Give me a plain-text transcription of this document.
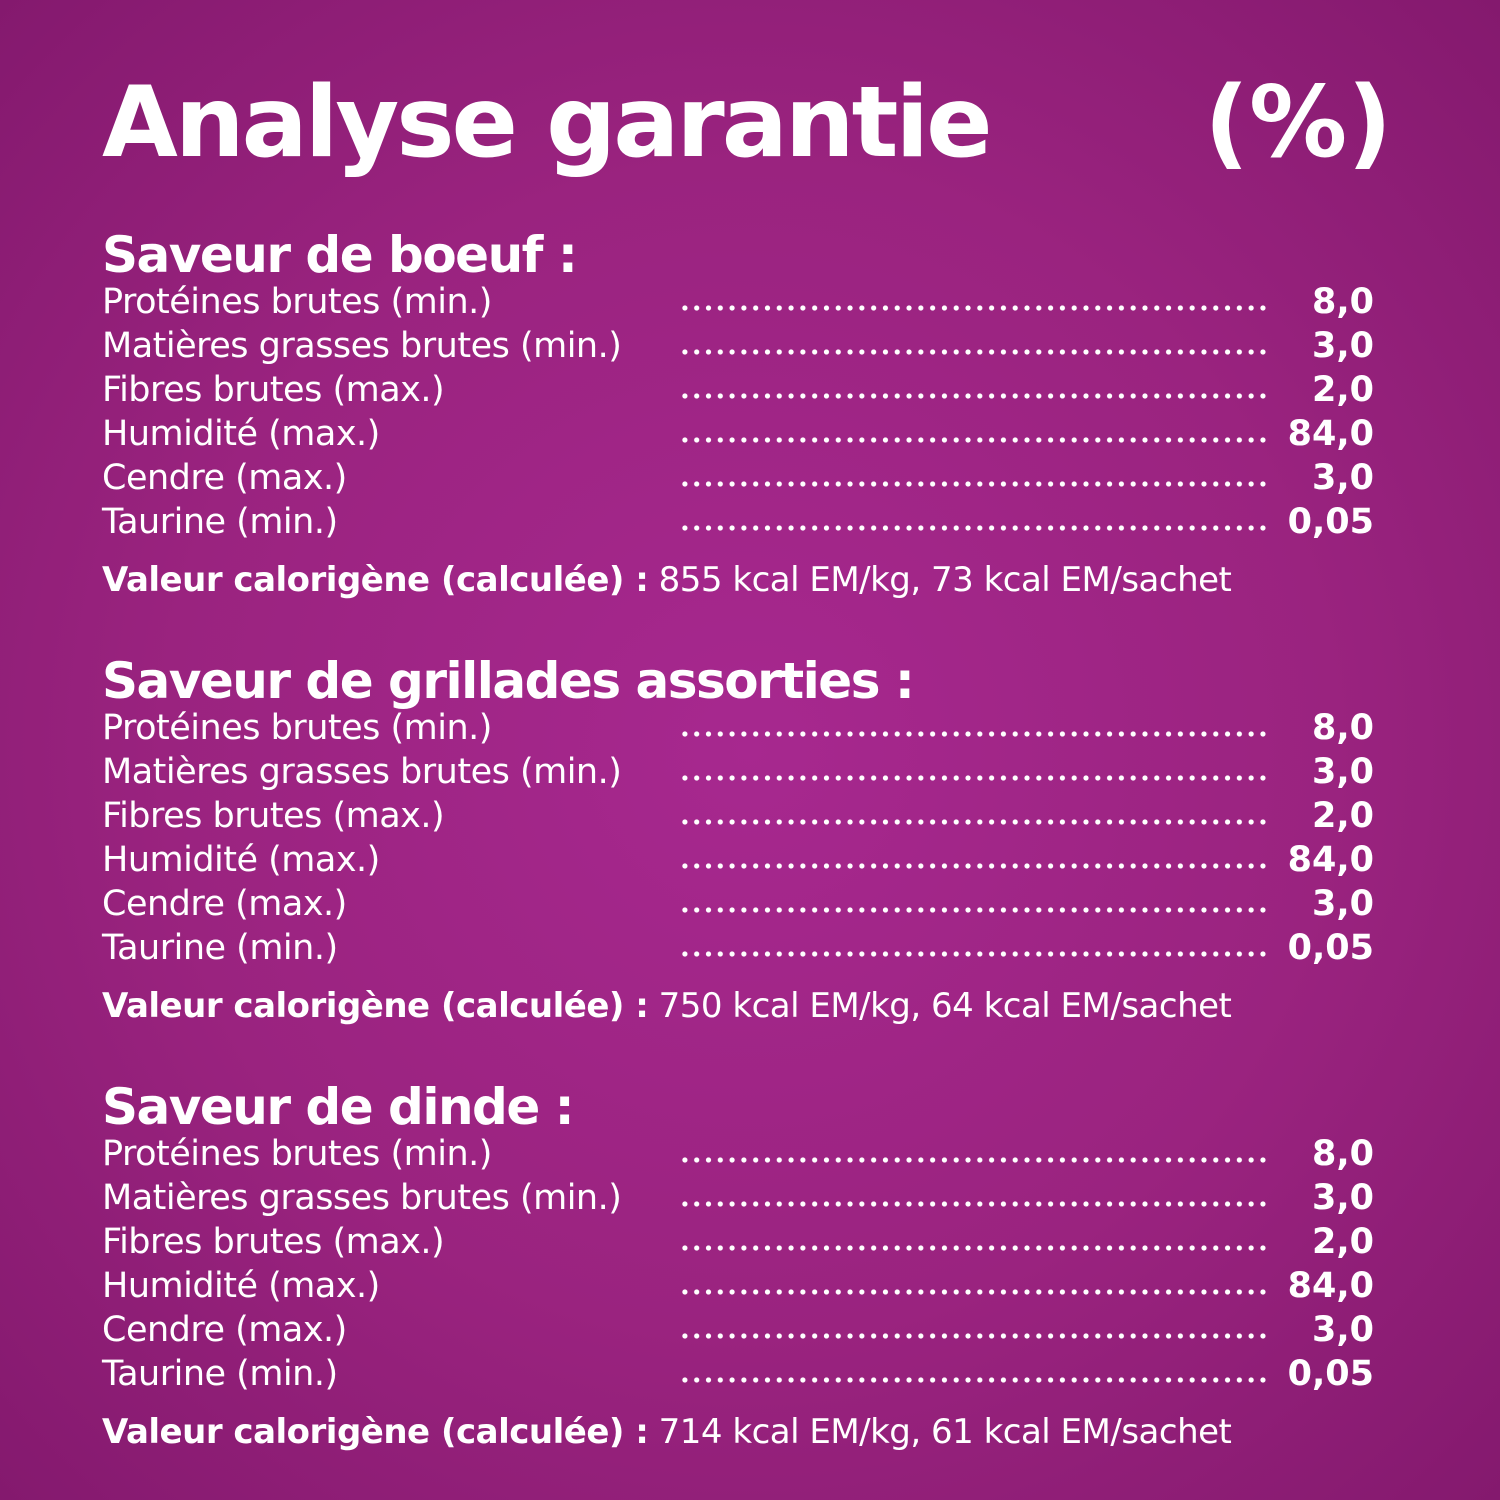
Analyse garantie (%)
Saveur de boeuf :
Protéines brutes (min.)	8,0
Matières grasses brutes (min.)	3,0
Fibres brutes (max.)	2,0
Humidité (max.)	84,0
Cendre (max.)	3,0
Taurine (min.)	0,05
Valeur calorigène (calculée) : 855 kcal EM/kg, 73 kcal EM/sachet
Saveur de grillades assorties :
Protéines brutes (min.)	8,0
Matières grasses brutes (min.)	3,0
Fibres brutes (max.)	2,0
Humidité (max.)	84,0
Cendre (max.)	3,0
Taurine (min.)	0,05
Valeur calorigène (calculée) : 750 kcal EM/kg, 64 kcal EM/sachet
Saveur de dinde :
Protéines brutes (min.)	8,0
Matières grasses brutes (min.)	3,0
Fibres brutes (max.)	2,0
Humidité (max.)	84,0
Cendre (max.)	3,0
Taurine (min.)	0,05
Valeur calorigène (calculée) : 714 kcal EM/kg, 61 kcal EM/sachet
